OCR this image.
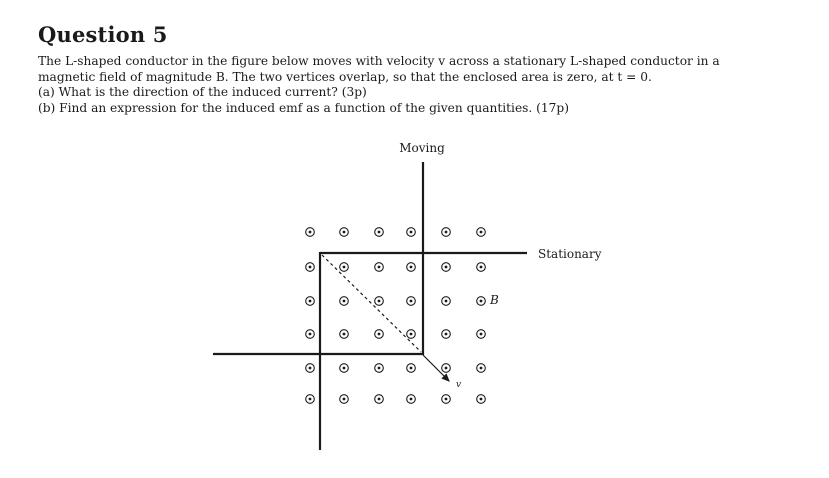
Question 5

The L-shaped conductor in the figure below moves with velocity v across a stationary L-shaped conductor in a

magnetic field of magnitude B. The two vertices overlap, so that the enclosed area is zero, at t = 0.

(a) What is the direction of the induced current? (3p)

(b) Find an expression for the induced emf as a function of the given quantities. (17p)

Moving
Stationary
B
v
